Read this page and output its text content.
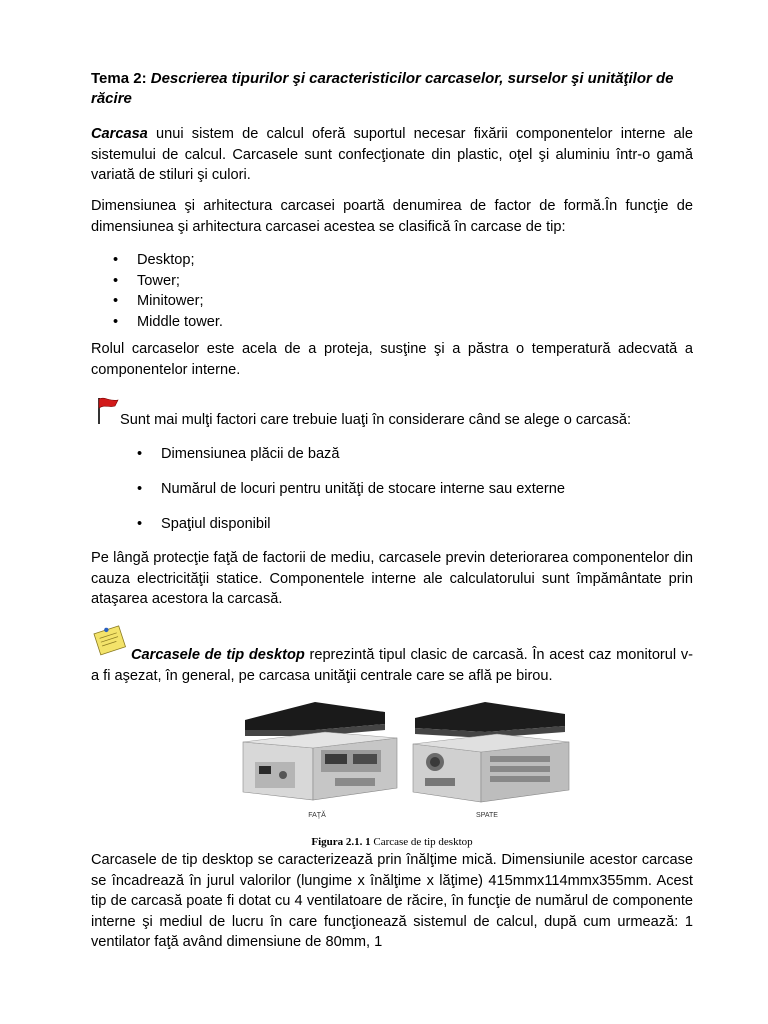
Tema 2: Descrierea tipurilor şi caracteristicilor carcaselor, surselor şi unităţilor de răcire
Carcasa unui sistem de calcul oferă suportul necesar fixării componentelor interne ale sistemului de calcul. Carcasele sunt confecţionate din plastic, oţel şi aluminiu într-o gamă variată de stiluri şi culori.
Dimensiunea şi arhitectura carcasei poartă denumirea de factor de formă.În funcţie de dimensiunea şi arhitectura carcasei acestea se clasifică în carcase de tip:
• Desktop;
• Tower;
• Minitower;
• Middle tower.
Rolul carcaselor este acela de a proteja, susţine şi a păstra o temperatură adecvată a componentelor interne.
Sunt mai mulţi factori care trebuie luaţi în considerare când se alege o carcasă:
• Dimensiunea plăcii de bază
• Numărul de locuri pentru unităţi de stocare interne sau externe
• Spaţiul disponibil
Pe lângă protecţie faţă de factorii de mediu, carcasele previn deteriorarea componentelor din cauza electricităţii statice. Componentele interne ale calculatorului sunt împământate prin ataşarea acestora la carcasă.
Carcasele de tip desktop reprezintă tipul clasic de carcasă. În acest caz monitorul v-a fi aşezat, în general, pe carcasa unităţii centrale care se află pe birou.
FAŢĂ	SPATE
Figura 2.1. 1 Carcase de tip desktop
Carcasele de tip desktop se caracterizează prin înălţime mică. Dimensiunile acestor carcase se încadrează în jurul valorilor (lungime x înălţime x lăţime) 415mmx114mmx355mm. Acest tip de carcasă poate fi dotat cu 4 ventilatoare de răcire, în funcţie de numărul de componente interne şi mediul de lucru în care funcţionează sistemul de calcul, după cum urmează: 1 ventilator faţă având dimensiune de 80mm, 1
